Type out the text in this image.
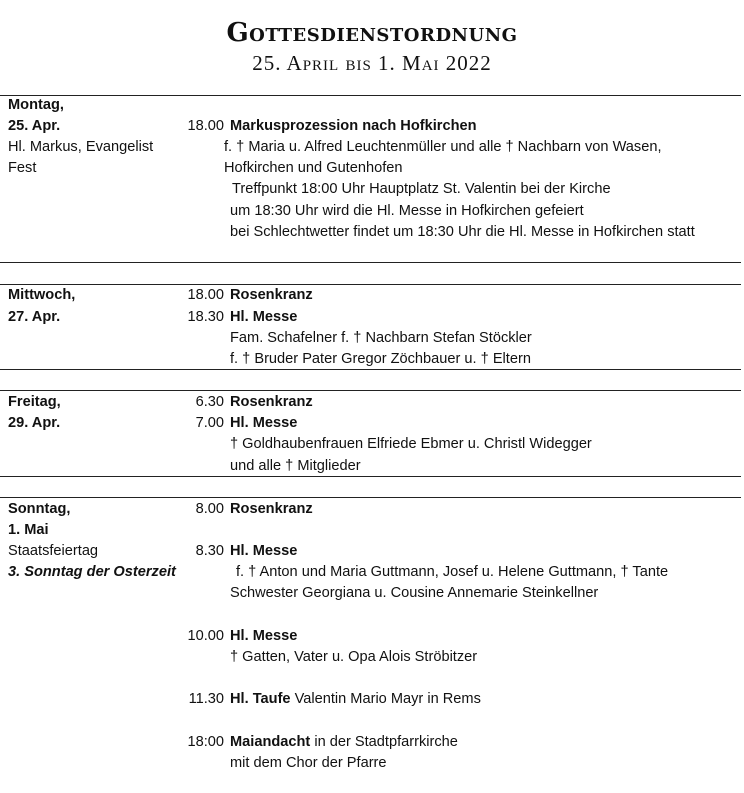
Gottesdienstordnung
25. April bis 1. Mai 2022
Montag,
25. Apr.	18.00 Markusprozession nach Hofkirchen
Hl. Markus, Evangelist	f. † Maria u. Alfred Leuchtenmüller und alle † Nachbarn von Wasen,
Fest	Hofkirchen und Gutenhofen
Treffpunkt 18:00 Uhr Hauptplatz St. Valentin bei der Kirche
um 18:30 Uhr wird die Hl. Messe in Hofkirchen gefeiert
bei Schlechtwetter findet um 18:30 Uhr die Hl. Messe in Hofkirchen statt
Mittwoch,	18.00 Rosenkranz
27. Apr.	18.30 Hl. Messe
Fam. Schafelner f. † Nachbarn Stefan Stöckler
f. † Bruder Pater Gregor Zöchbauer u. † Eltern
Freitag,	6.30 Rosenkranz
29. Apr.	7.00 Hl. Messe
† Goldhaubenfrauen Elfriede Ebmer u. Christl Widegger
und alle † Mitglieder
Sonntag,	8.00 Rosenkranz
1. Mai
Staatsfeiertag	8.30 Hl. Messe
3. Sonntag der Osterzeit	f. † Anton und Maria Guttmann, Josef u. Helene Guttmann, † Tante
Schwester Georgiana u. Cousine Annemarie Steinkellner
10.00 Hl. Messe
† Gatten, Vater u. Opa Alois Ströbitzer
11.30 Hl. Taufe Valentin Mario Mayr in Rems
18:00 Maiandacht in der Stadtpfarrkirche
mit dem Chor der Pfarre
